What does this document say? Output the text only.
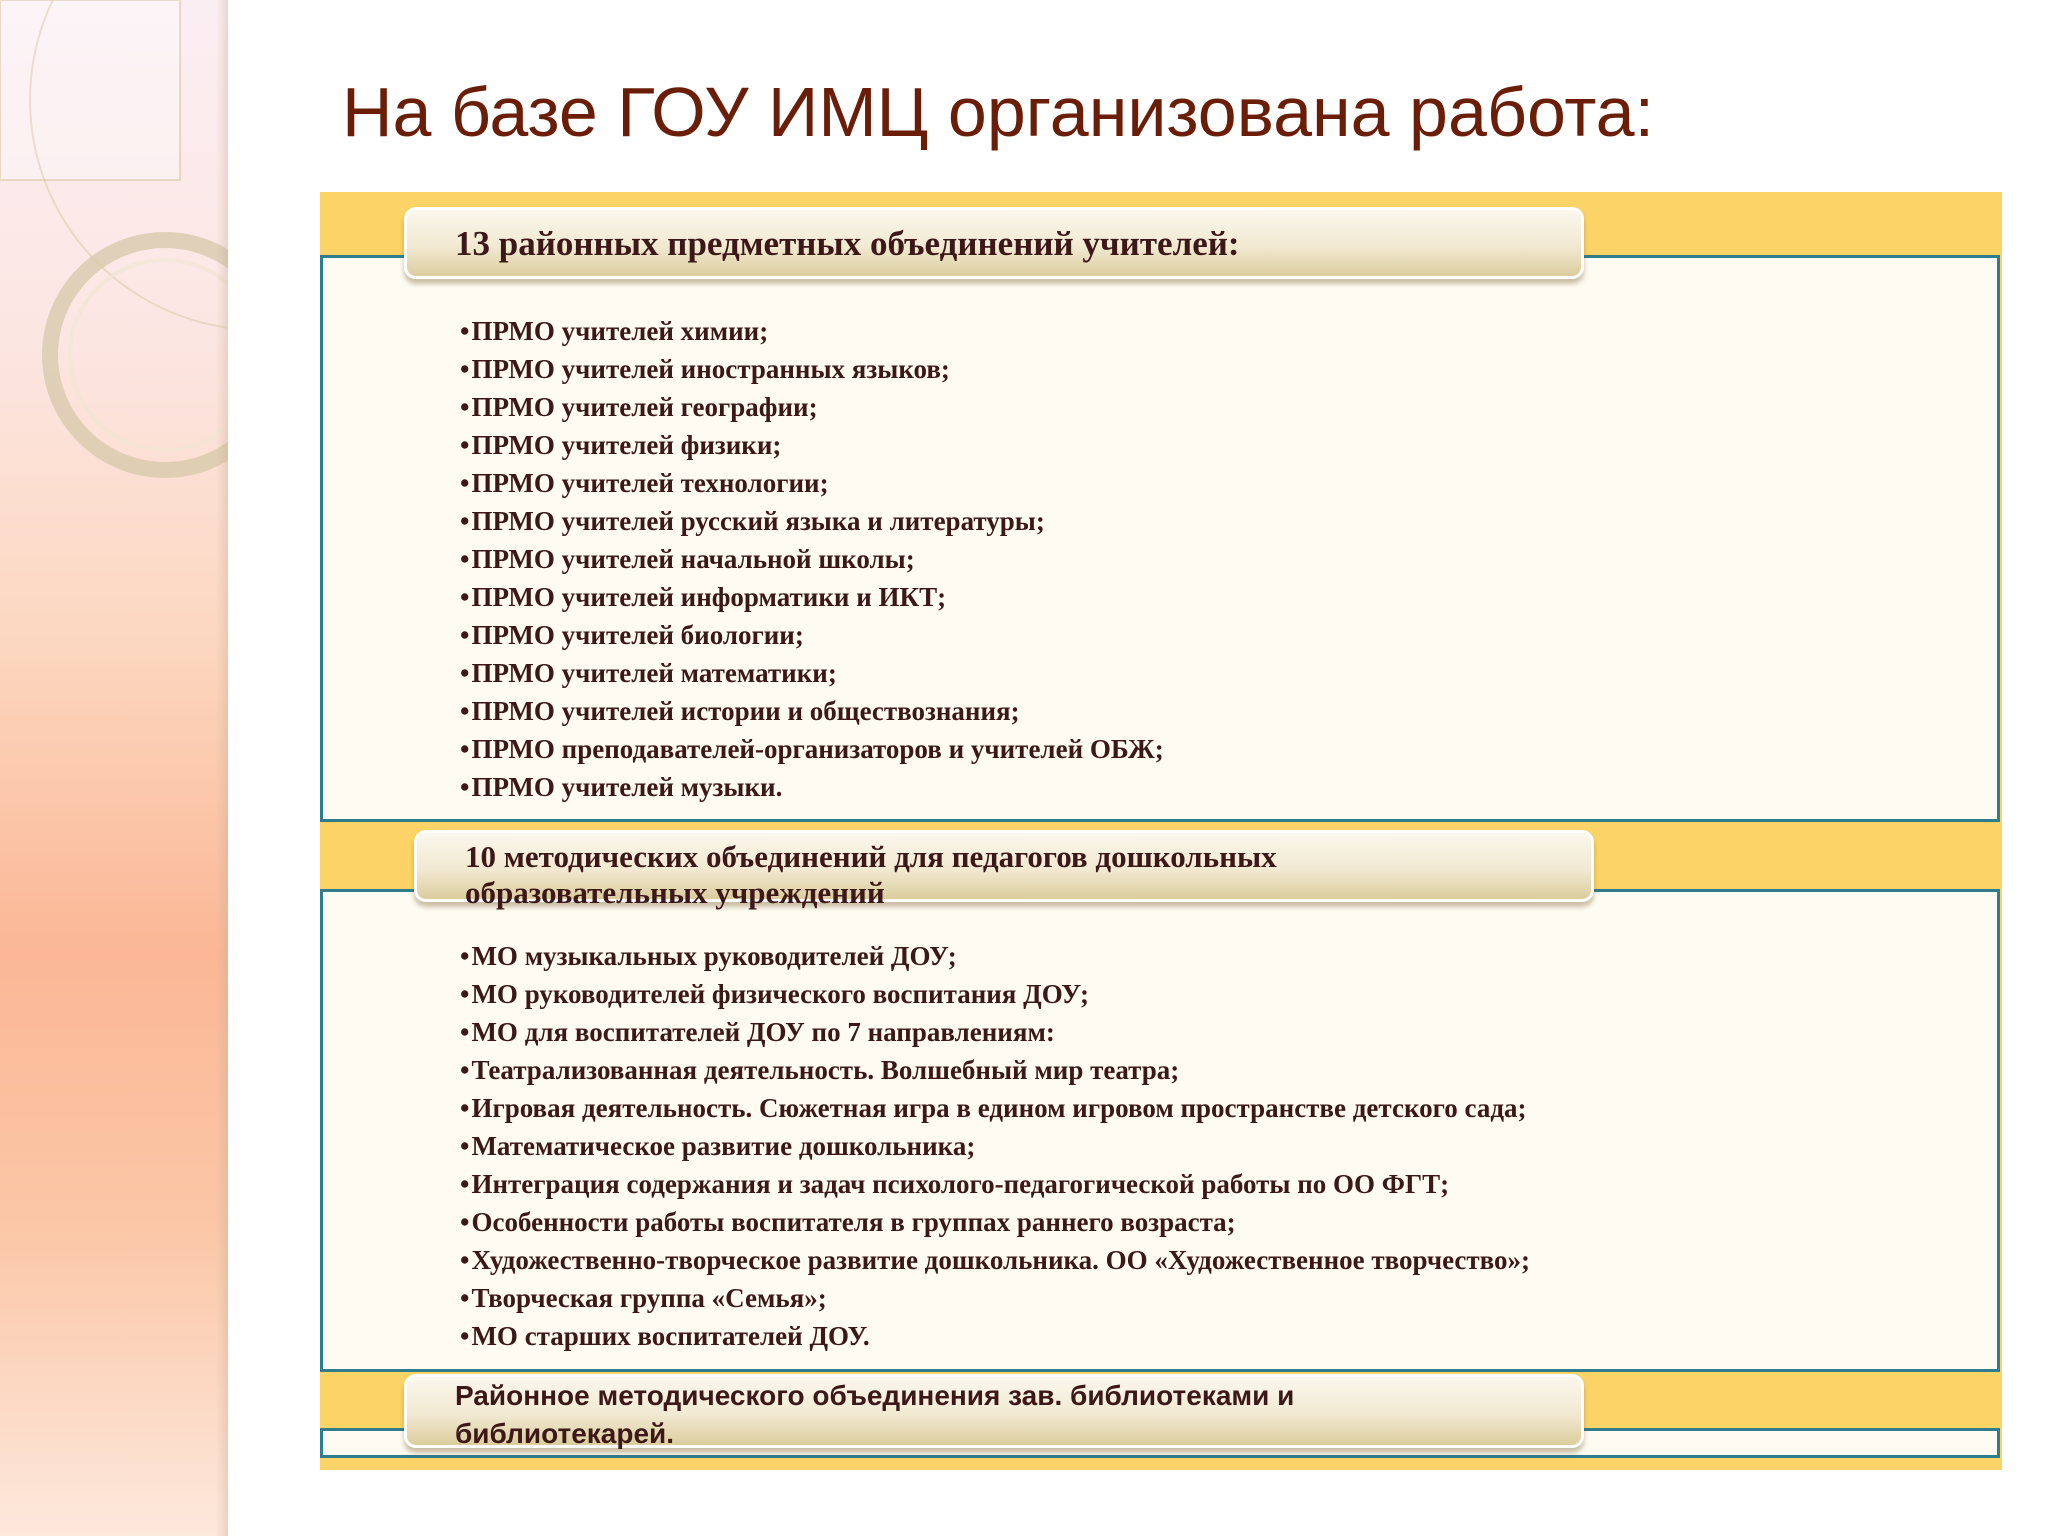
На базе ГОУ ИМЦ организована работа:
13 районных предметных объединений учителей:
•ПРМО учителей химии;
•ПРМО учителей иностранных языков;
•ПРМО учителей географии;
•ПРМО учителей физики;
•ПРМО учителей технологии;
•ПРМО учителей русский языка и литературы;
•ПРМО учителей начальной школы;
•ПРМО учителей информатики и ИКТ;
•ПРМО учителей биологии;
•ПРМО учителей математики;
•ПРМО учителей истории и обществознания;
•ПРМО преподавателей-организаторов и учителей ОБЖ;
•ПРМО учителей музыки.
10 методических объединений для педагогов дошкольных
образовательных учреждений
•МО музыкальных руководителей ДОУ;
•МО руководителей физического воспитания ДОУ;
•МО для воспитателей ДОУ по 7 направлениям:
•Театрализованная деятельность. Волшебный мир театра;
•Игровая деятельность. Сюжетная игра в едином игровом пространстве детского сада;
•Математическое развитие дошкольника;
•Интеграция содержания и задач психолого-педагогической работы по ОО ФГТ;
•Особенности работы воспитателя в группах раннего возраста;
•Художественно-творческое развитие дошкольника. ОО «Художественное творчество»;
•Творческая группа «Семья»;
•МО старших воспитателей ДОУ.
Районное методического объединения зав. библиотеками и
библиотекарей.
